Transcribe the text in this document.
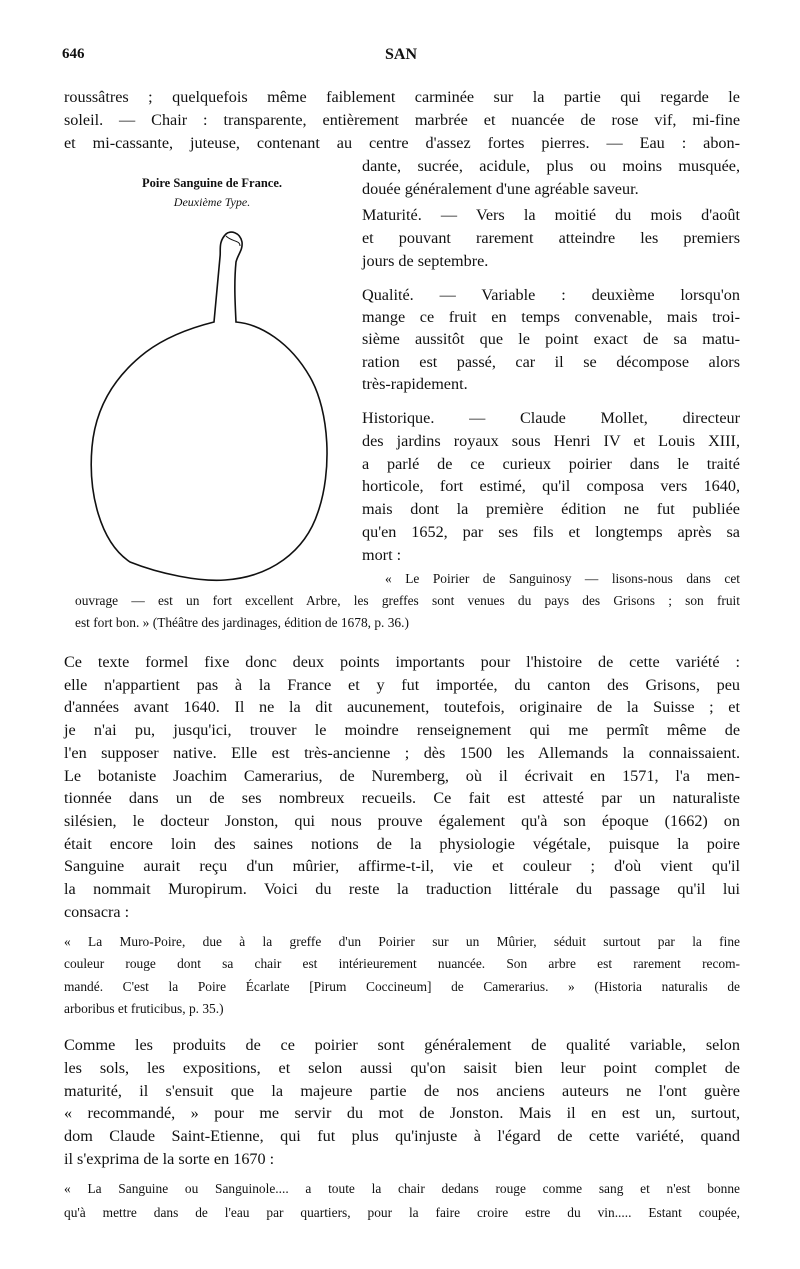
646	SAN
roussâtres ; quelquefois même faiblement carminée sur la partie qui regarde le
soleil. — Chair : transparente, entièrement marbrée et nuancée de rose vif, mi-fine
et mi-cassante, juteuse, contenant au centre d'assez fortes pierres. — Eau : abon-
dante, sucrée, acidule, plus ou moins musquée,
douée généralement d'une agréable saveur.
Poire Sanguine de France.
Deuxième Type.
Maturité. — Vers la moitié du mois d'août
et pouvant rarement atteindre les premiers
jours de septembre.
Qualité. — Variable : deuxième lorsqu'on
mange ce fruit en temps convenable, mais troi-
sième aussitôt que le point exact de sa matu-
ration est passé, car il se décompose alors
très-rapidement.
Historique. — Claude Mollet, directeur
des jardins royaux sous Henri IV et Louis XIII,
a parlé de ce curieux poirier dans le traité
horticole, fort estimé, qu'il composa vers 1640,
mais dont la première édition ne fut publiée
qu'en 1652, par ses fils et longtemps après sa
mort :
« Le Poirier de Sanguinosy — lisons-nous dans cet
ouvrage — est un fort excellent Arbre, les greffes sont venues du pays des Grisons ; son fruit
est fort bon. » (Théâtre des jardinages, édition de 1678, p. 36.)
Ce texte formel fixe donc deux points importants pour l'histoire de cette variété :
elle n'appartient pas à la France et y fut importée, du canton des Grisons, peu
d'années avant 1640. Il ne la dit aucunement, toutefois, originaire de la Suisse ; et
je n'ai pu, jusqu'ici, trouver le moindre renseignement qui me permît même de
l'en supposer native. Elle est très-ancienne ; dès 1500 les Allemands la connaissaient.
Le botaniste Joachim Camerarius, de Nuremberg, où il écrivait en 1571, l'a men-
tionnée dans un de ses nombreux recueils. Ce fait est attesté par un naturaliste
silésien, le docteur Jonston, qui nous prouve également qu'à son époque (1662) on
était encore loin des saines notions de la physiologie végétale, puisque la poire
Sanguine aurait reçu d'un mûrier, affirme-t-il, vie et couleur ; d'où vient qu'il
la nommait Muropirum. Voici du reste la traduction littérale du passage qu'il lui
consacra :
« La Muro-Poire, due à la greffe d'un Poirier sur un Mûrier, séduit surtout par la fine
couleur rouge dont sa chair est intérieurement nuancée. Son arbre est rarement recom-
mandé. C'est la Poire Écarlate [Pirum Coccineum] de Camerarius. » (Historia naturalis de
arboribus et fruticibus, p. 35.)
Comme les produits de ce poirier sont généralement de qualité variable, selon
les sols, les expositions, et selon aussi qu'on saisit bien leur point complet de
maturité, il s'ensuit que la majeure partie de nos anciens auteurs ne l'ont guère
« recommandé, » pour me servir du mot de Jonston. Mais il en est un, surtout,
dom Claude Saint-Etienne, qui fut plus qu'injuste à l'égard de cette variété, quand
il s'exprima de la sorte en 1670 :
« La Sanguine ou Sanguinole.... a toute la chair dedans rouge comme sang et n'est bonne
qu'à mettre dans de l'eau par quartiers, pour la faire croire estre du vin..... Estant coupée,
